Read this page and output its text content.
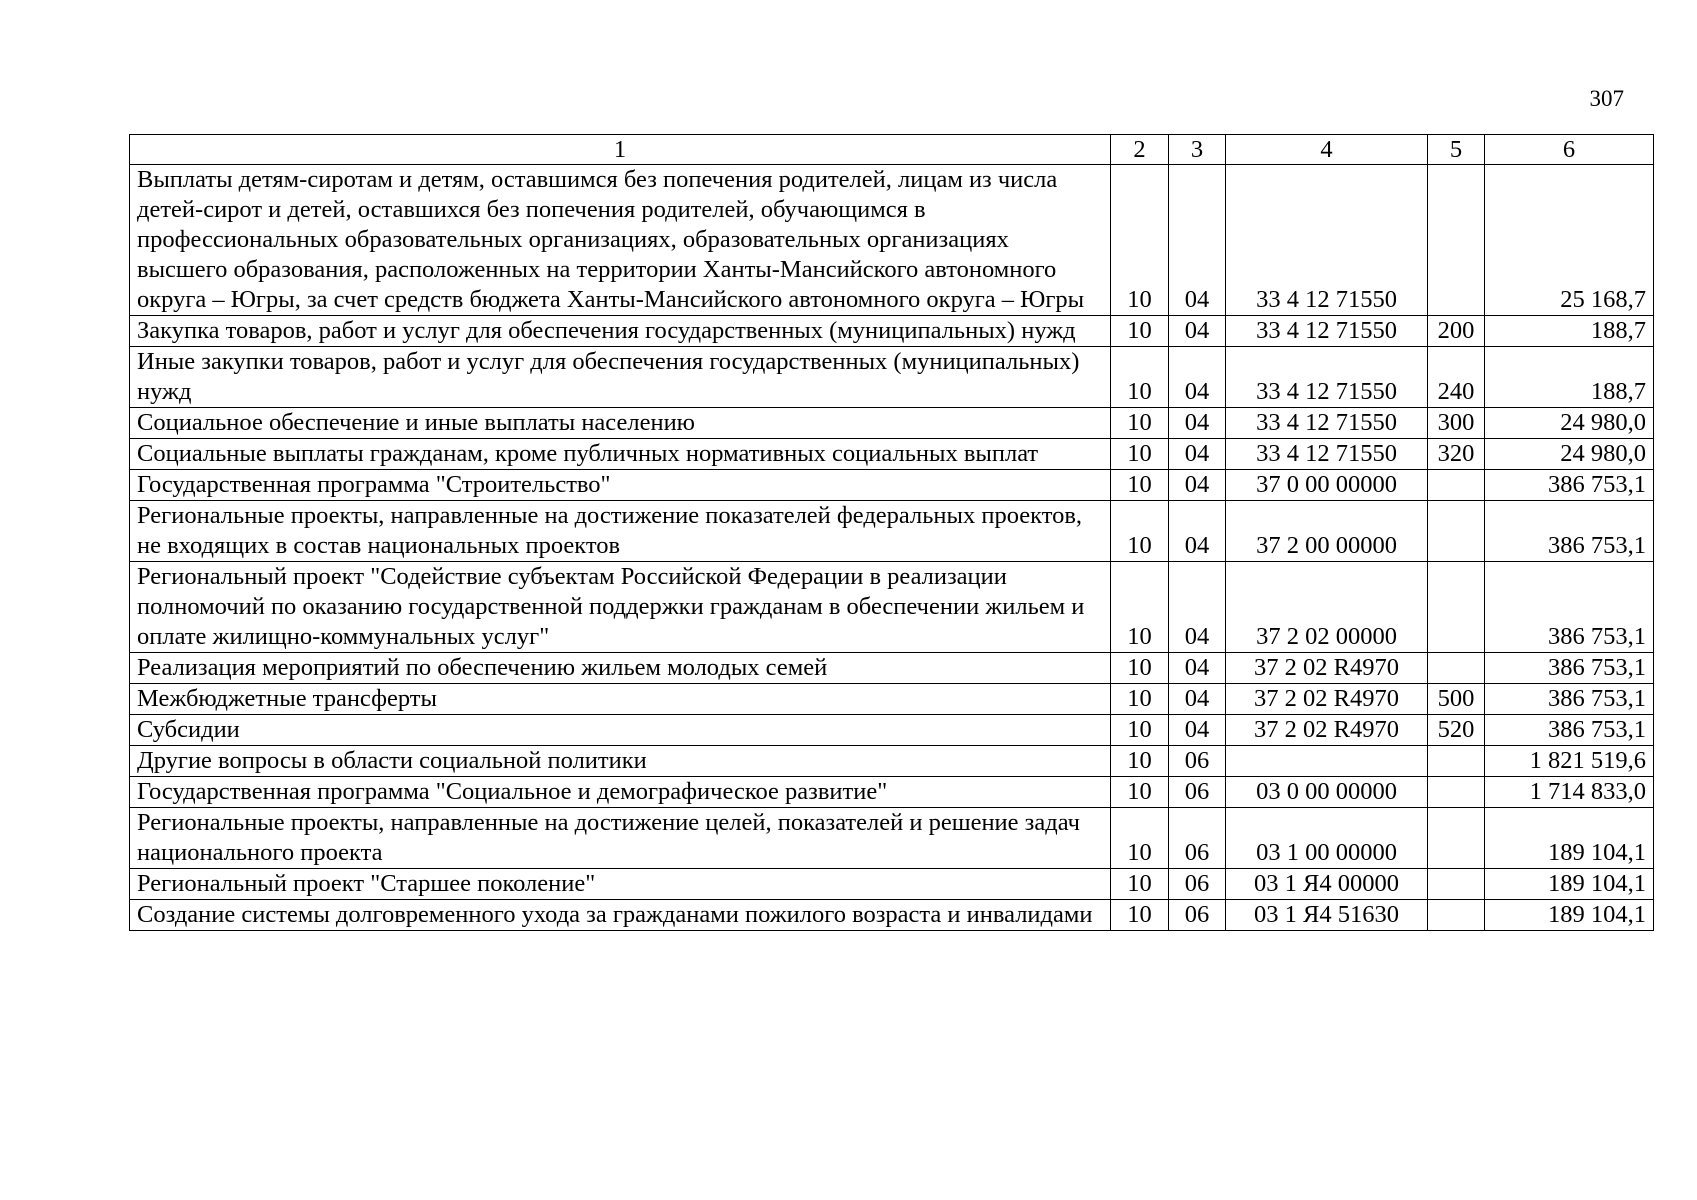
307
1	2	3	4	5	6
Выплаты детям-сиротам и детям, оставшимся без попечения родителей, лицам из числа детей-сирот и детей, оставшихся без попечения родителей, обучающимся в профессиональных образовательных организациях, образовательных организациях высшего образования, расположенных на территории Ханты-Мансийского автономного округа – Югры, за счет средств бюджета Ханты-Мансийского автономного округа – Югры	10	04	33 4 12 71550		25 168,7
Закупка товаров, работ и услуг для обеспечения государственных (муниципальных) нужд	10	04	33 4 12 71550	200	188,7
Иные закупки товаров, работ и услуг для обеспечения государственных (муниципальных) нужд	10	04	33 4 12 71550	240	188,7
Социальное обеспечение и иные выплаты населению	10	04	33 4 12 71550	300	24 980,0
Социальные выплаты гражданам, кроме публичных нормативных социальных выплат	10	04	33 4 12 71550	320	24 980,0
Государственная программа "Строительство"	10	04	37 0 00 00000		386 753,1
Региональные проекты, направленные на достижение показателей федеральных проектов, не входящих в состав национальных проектов	10	04	37 2 00 00000		386 753,1
Региональный проект "Содействие субъектам Российской Федерации в реализации полномочий по оказанию государственной поддержки гражданам в обеспечении жильем и оплате жилищно-коммунальных услуг"	10	04	37 2 02 00000		386 753,1
Реализация мероприятий по обеспечению жильем молодых семей	10	04	37 2 02 R4970		386 753,1
Межбюджетные трансферты	10	04	37 2 02 R4970	500	386 753,1
Субсидии	10	04	37 2 02 R4970	520	386 753,1
Другие вопросы в области социальной политики	10	06			1 821 519,6
Государственная программа "Социальное и демографическое развитие"	10	06	03 0 00 00000		1 714 833,0
Региональные проекты, направленные на достижение целей, показателей и решение задач национального проекта	10	06	03 1 00 00000		189 104,1
Региональный проект "Старшее поколение"	10	06	03 1 Я4 00000		189 104,1
Создание системы долговременного ухода за гражданами пожилого возраста и инвалидами	10	06	03 1 Я4 51630		189 104,1
